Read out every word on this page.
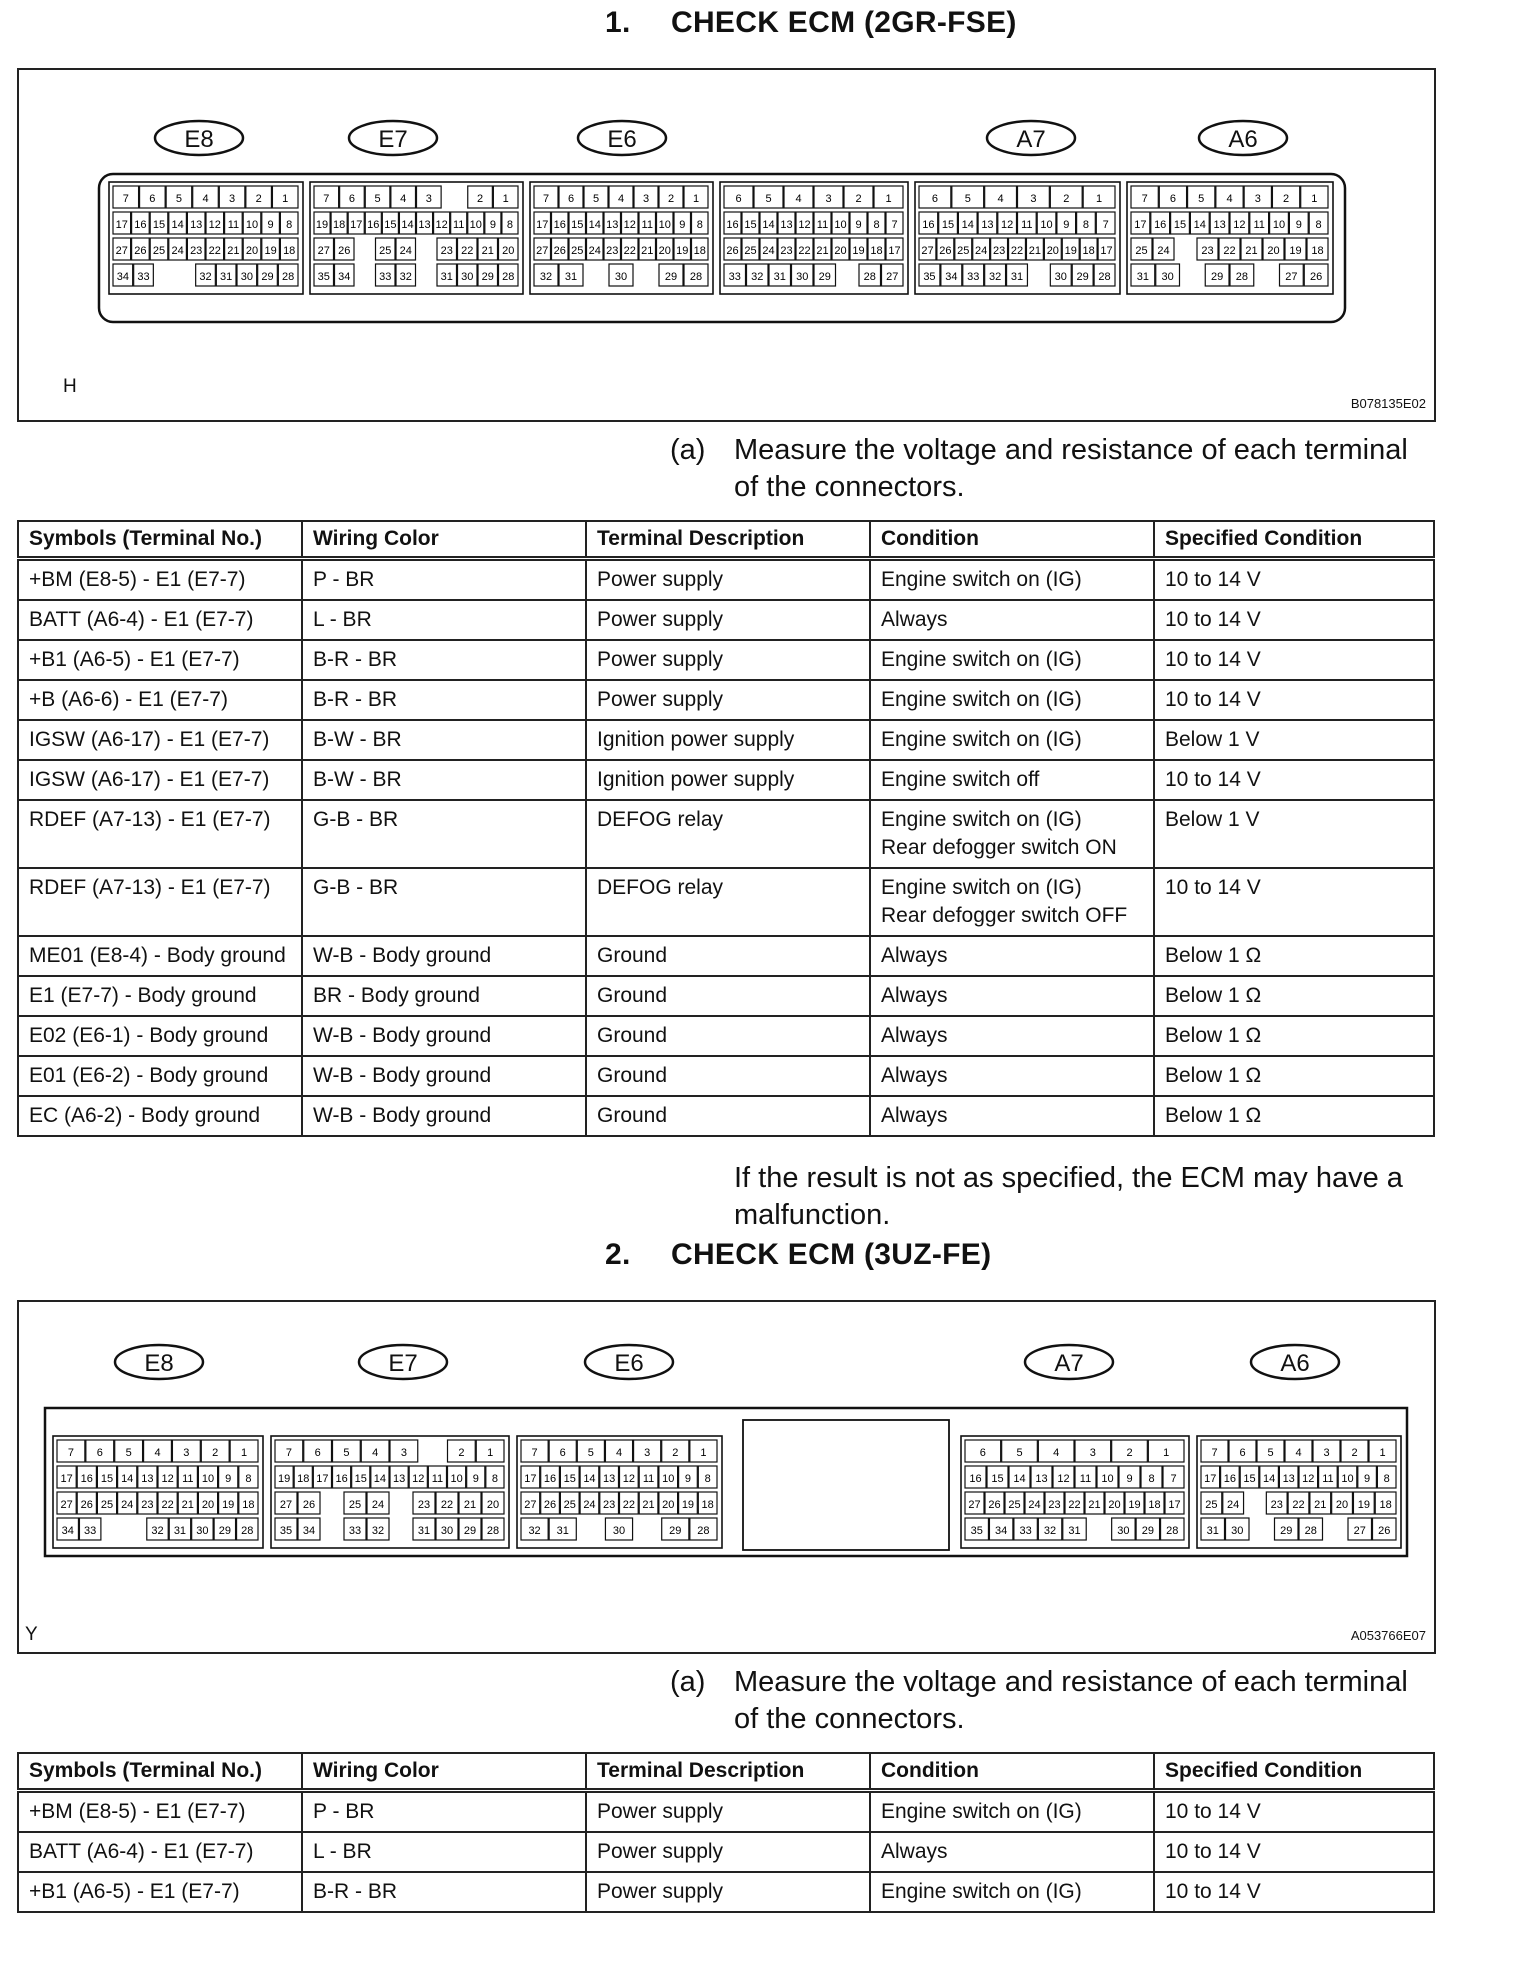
1. CHECK ECM (2GR-FSE)
E8	E7	E6	A7	A6
7 6 5 4 3 2 1
17 16 15 14 13 12 11 10 9 8
27 26 25 24 23 22 21 20 19 18
34 33	32 31 30 29 28
7 6 5 4 3	2 1
19 18 17 16 15 14 13 12 11 10 9 8
27 26	25 24	23 22 21 20
35 34	33 32	31 30 29 28
7 6 5 4 3 2 1
17 16 15 14 13 12 11 10 9 8
27 26 25 24 23 22 21 20 19 18
32 31	30	29 28
6 5 4 3 2 1
16 15 14 13 12 11 10 9 8 7
26 25 24 23 22 21 20 19 18 17
33 32 31 30 29	28 27
6 5 4 3 2 1
16 15 14 13 12 11 10 9 8 7
27 26 25 24 23 22 21 20 19 18 17
35 34 33 32 31	30 29 28
7 6 5 4 3 2 1
17 16 15 14 13 12 11 10 9 8
25 24	23 22 21 20 19 18
31 30	29 28	27 26
H
B078135E02
(a) Measure the voltage and resistance of each terminal of the connectors.
Symbols (Terminal No.)	Wiring Color	Terminal Description	Condition	Specified Condition
+BM (E8-5) - E1 (E7-7)	P - BR	Power supply	Engine switch on (IG)	10 to 14 V
BATT (A6-4) - E1 (E7-7)	L - BR	Power supply	Always	10 to 14 V
+B1 (A6-5) - E1 (E7-7)	B-R - BR	Power supply	Engine switch on (IG)	10 to 14 V
+B (A6-6) - E1 (E7-7)	B-R - BR	Power supply	Engine switch on (IG)	10 to 14 V
IGSW (A6-17) - E1 (E7-7)	B-W - BR	Ignition power supply	Engine switch on (IG)	Below 1 V
IGSW (A6-17) - E1 (E7-7)	B-W - BR	Ignition power supply	Engine switch off	10 to 14 V
RDEF (A7-13) - E1 (E7-7)	G-B - BR	DEFOG relay	Engine switch on (IG)
Rear defogger switch ON	Below 1 V
RDEF (A7-13) - E1 (E7-7)	G-B - BR	DEFOG relay	Engine switch on (IG)
Rear defogger switch OFF	10 to 14 V
ME01 (E8-4) - Body ground	W-B - Body ground	Ground	Always	Below 1 Ω
E1 (E7-7) - Body ground	BR - Body ground	Ground	Always	Below 1 Ω
E02 (E6-1) - Body ground	W-B - Body ground	Ground	Always	Below 1 Ω
E01 (E6-2) - Body ground	W-B - Body ground	Ground	Always	Below 1 Ω
EC (A6-2) - Body ground	W-B - Body ground	Ground	Always	Below 1 Ω
If the result is not as specified, the ECM may have a malfunction.
2. CHECK ECM (3UZ-FE)
E8	E7	E6	A7	A6
7 6 5 4 3 2 1
17 16 15 14 13 12 11 10 9 8
27 26 25 24 23 22 21 20 19 18
34 33	32 31 30 29 28
7 6 5 4 3	2 1
19 18 17 16 15 14 13 12 11 10 9 8
27 26	25 24	23 22 21 20
35 34	33 32	31 30 29 28
7 6 5 4 3 2 1
17 16 15 14 13 12 11 10 9 8
27 26 25 24 23 22 21 20 19 18
32 31	30	29 28
6	5	4	3	2	1
16 15 14 13 12 11 10 9 8 7
27 26 25 24 23 22 21 20 19 18 17
35 34 33 32 31	30 29 28
7 6 5 4 3 2 1
17 16 15 14 13 12 11 10 9 8
25 24	23 22 21 20 19 18
31 30	29 28	27 26
Y	A053766E07
(a) Measure the voltage and resistance of each terminal of the connectors.
Symbols (Terminal No.)	Wiring Color	Terminal Description	Condition	Specified Condition
+BM (E8-5) - E1 (E7-7)	P - BR	Power supply	Engine switch on (IG)	10 to 14 V
BATT (A6-4) - E1 (E7-7)	L - BR	Power supply	Always	10 to 14 V
+B1 (A6-5) - E1 (E7-7)	B-R - BR	Power supply	Engine switch on (IG)	10 to 14 V
